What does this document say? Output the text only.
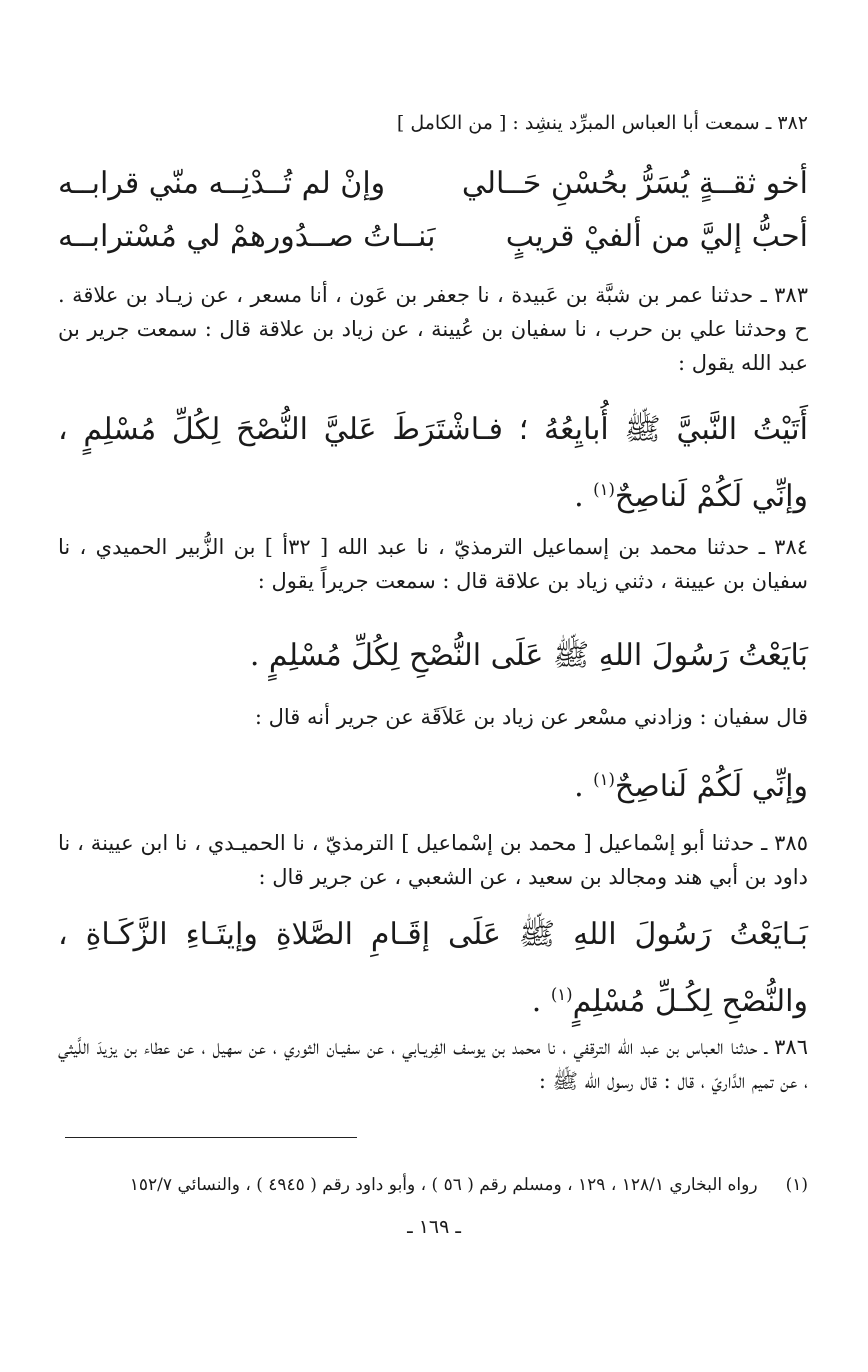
٣٨٢ ـ سمعت أبا العباس المبرِّد ينشِد : [ من الكامل ]
أخو ثقــةٍ يُسَرُّ بحُسْنِ حَــالي
وإنْ لم تُــدْنِــه منّي قرابــه
أحبُّ إليَّ من ألفيْ قريبٍ
بَنــاتُ صــدُورهمْ لي مُسْترابــه
٣٨٣ ـ حدثنا عمر بن شبَّة بن عَبيدة ، نا جعفر بن عَون ، أنا مسعر ، عن زيـاد بن علاقة . ح وحدثنا علي بن حرب ، نا سفيان بن عُيينة ، عن زياد بن علاقة قال : سمعت جرير بن عبد الله يقول :
أَتَيْتُ النَّبيَّ ﷺ أُبايِعُهُ ؛ فـاشْتَرَطَ عَليَّ النُّصْحَ لِكُلِّ مُسْلِمٍ ، وإنِّي لَكُمْ لَناصِحٌ$^{(١)}$ .
٣٨٤ ـ حدثنا محمد بن إسماعيل الترمذيّ ، نا عبد الله [ ٣٢أ ] بن الزُّبير الحميدي ، نا سفيان بن عيينة ، دثني زياد بن علاقة قال : سمعت جريراً يقول :
بَايَعْتُ رَسُولَ اللهِ ﷺ عَلَى النُّصْحِ لِكُلِّ مُسْلِمٍ .
قال سفيان : وزادني مسْعر عن زياد بن عَلاَقَة عن جرير أنه قال :
وإنِّي لَكُمْ لَناصِحٌ$^{(١)}$ .
٣٨٥ ـ حدثنا أبو إسْماعيل [ محمد بن إسْماعيل ] الترمذيّ ، نا الحميـدي ، نا ابن عيينة ، نا داود بن أبي هند ومجالد بن سعيد ، عن الشعبي ، عن جرير قال :
بَـايَعْتُ رَسُولَ اللهِ ﷺ عَلَى إقَـامِ الصَّلاةِ وإيتَـاءِ الزَّكَـاةِ ، والنُّصْحِ لِكُـلِّ مُسْلِمٍ$^{(١)}$ .
٣٨٦ ـ حدثنا العباس بن عبد الله الترقفي ، نا محمد بن يوسف الفِريـابي ، عن سفيـان الثوري ، عن سهيل ، عن عطاء بن يزيدَ اللَّيثي ، عن تميم الدَّاريّ ، قال : قال رسول الله ﷺ :
(١)
رواه البخاري ١٢٨/١ ، ١٢٩ ، ومسلم رقم ( ٥٦ ) ، وأبو داود رقم ( ٤٩٤٥ ) ، والنسائي ١٥٢/٧
ـ ١٦٩ ـ
